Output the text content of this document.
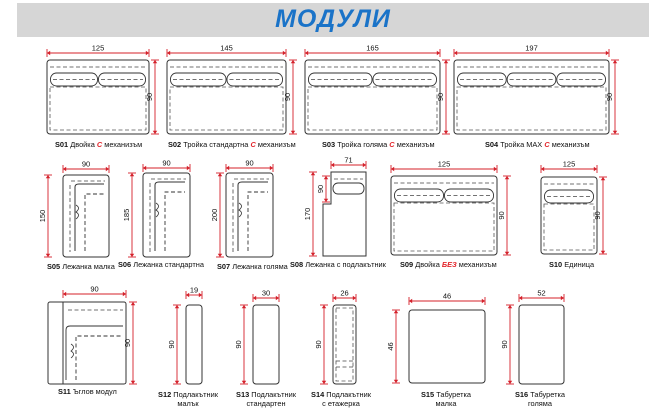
МОДУЛИ
125
90
145
90
165
90
197
90
90
150
90
185
90
200
71
170
90
125
90
125
90
90
90
19
90
30
90
26
90
46
46
52
90
S01 Двойка С механизъм	S02 Тройка стандартна С механизъм	S03 Тройка голяма С механизъм	S04 Тройка MAX С механизъм
S05 Лежанка малка S06 Лежанка стандартна S07 Лежанка голяма S08 Лежанка с подлакътник S09 Двойка БЕЗ механизъм	S10 Единица
S11 Ъглов модул	S12 Подлакътник
малък
S13 Подлакътник
стандартен
S14 Подлакътник
с етажерка
S15 Табуретка
малка
S16 Табуретка
голяма
